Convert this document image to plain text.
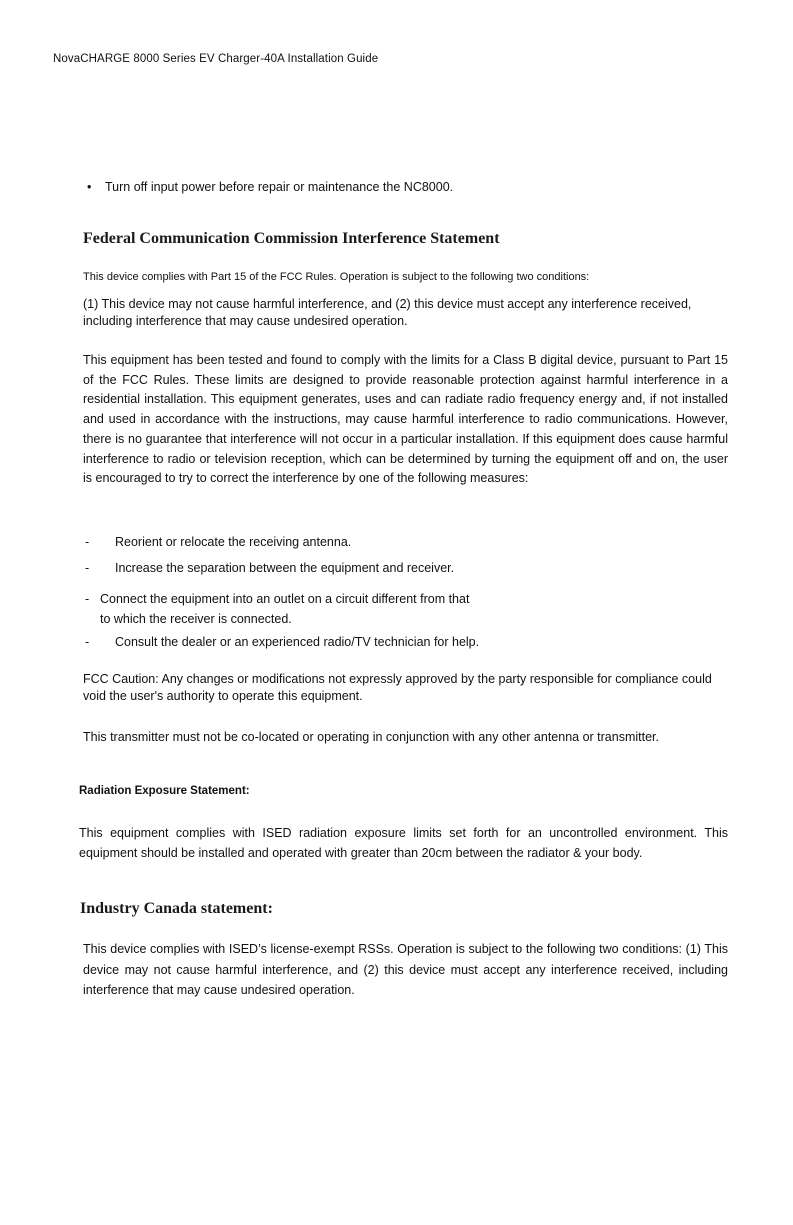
NovaCHARGE 8000 Series EV Charger-40A Installation Guide
• Turn off input power before repair or maintenance the NC8000.
Federal Communication Commission Interference Statement
This device complies with Part 15 of the FCC Rules. Operation is subject to the following two conditions:
(1) This device may not cause harmful interference, and (2) this device must accept any interference received, including interference that may cause undesired operation.
This equipment has been tested and found to comply with the limits for a Class B digital device, pursuant to Part 15 of the FCC Rules. These limits are designed to provide reasonable protection against harmful interference in a residential installation. This equipment generates, uses and can radiate radio frequency energy and, if not installed and used in accordance with the instructions, may cause harmful interference to radio communications. However, there is no guarantee that interference will not occur in a particular installation. If this equipment does cause harmful interference to radio or television reception, which can be determined by turning the equipment off and on, the user is encouraged to try to correct the interference by one of the following measures:
- Reorient or relocate the receiving antenna.
- Increase the separation between the equipment and receiver.
- Connect the equipment into an outlet on a circuit different from that
to which the receiver is connected.
- Consult the dealer or an experienced radio/TV technician for help.
FCC Caution: Any changes or modifications not expressly approved by the party responsible for compliance could void the user's authority to operate this equipment.
This transmitter must not be co-located or operating in conjunction with any other antenna or transmitter.
Radiation Exposure Statement:
This equipment complies with ISED radiation exposure limits set forth for an uncontrolled environment. This equipment should be installed and operated with greater than 20cm between the radiator & your body.
Industry Canada statement:
This device complies with ISED’s license-exempt RSSs. Operation is subject to the following two conditions: (1) This device may not cause harmful interference, and (2) this device must accept any interference received, including interference that may cause undesired operation.
